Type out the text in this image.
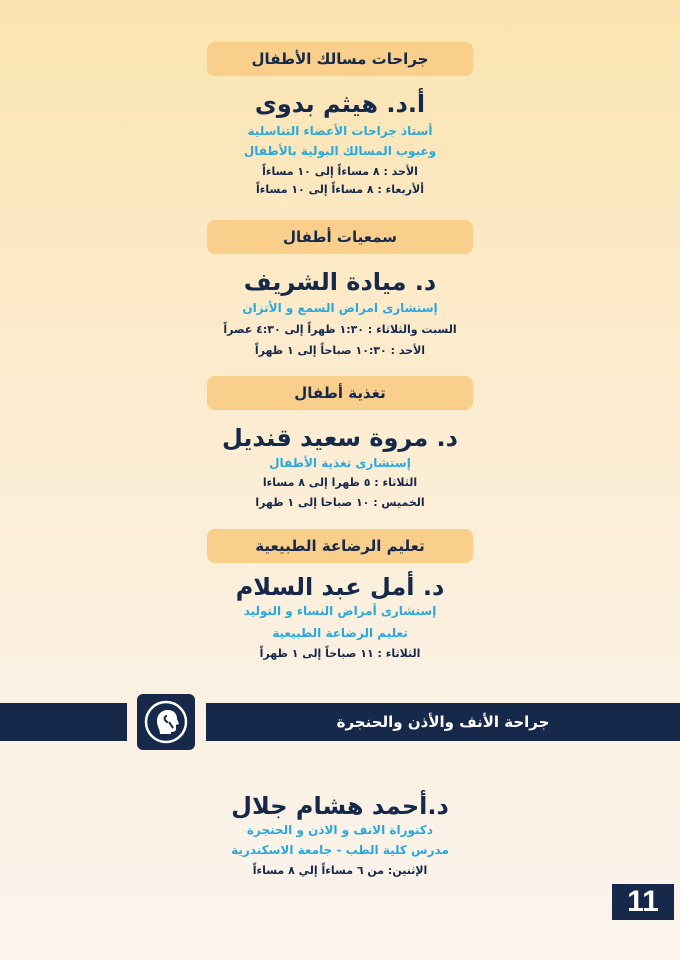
جراحات مسالك الأطفال
أ.د. هيثم بدوى
أستاذ جراحات الأعضاء التناسلية
وعيوب المسالك البولية بالأطفال
الأحد : ٨ مساءاً إلى ١٠ مساءاً
ألأربعاء : ٨ مساءاً إلى ١٠ مساءاً
سمعيات أطفال
د. ميادة الشريف
إستشارى امراض السمع و الأتزان
السبت والثلاثاء : ١:٣٠ ظهراً إلى ٤:٣٠ عصراً
الأحد : ١٠:٣٠ صباحاً إلى ١ ظهراً
تغذية أطفال
د. مروة سعيد قنديل
إستشارى تغذية الأطفال
الثلاثاء : ٥ ظهرا إلى ٨ مساءا
الخميس : ١٠ صباحا إلى ١ ظهرا
تعليم الرضاعة الطبيعية
د. أمل عبد السلام
إستشارى أمراض النساء و التوليد
تعليم الرضاعة الطبيعية
الثلاثاء : ١١ صباحاً إلى ١ ظهراً
جراحة الأنف والأذن والحنجرة
د.أحمد هشام جلال
دكتوراة الانف و الاذن و الحنجرة
مدرس كلية الطب - جامعة الاسكندرية
الإثنين: من ٦ مساءاً إلي ٨ مساءاً
11
